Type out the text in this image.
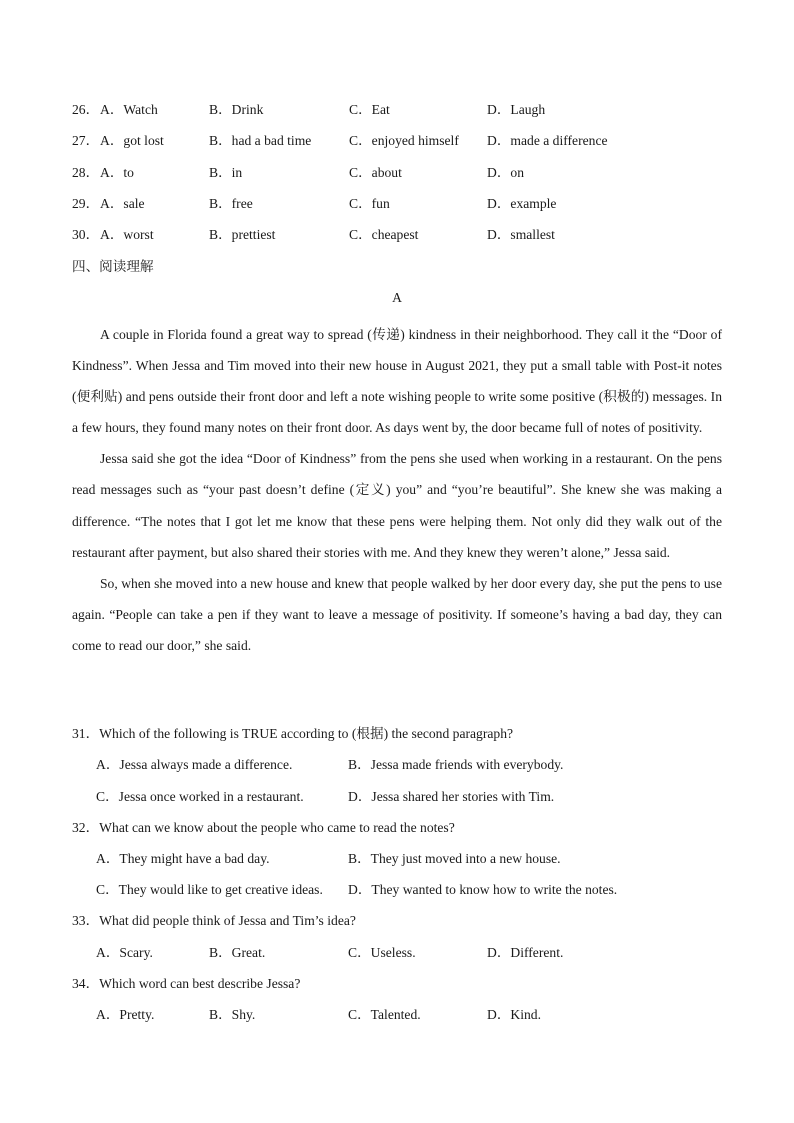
26． A．Watch	B．Drink	C．Eat	D．Laugh
27． A．got lost	B．had a bad time	C．enjoyed himself D．made a difference
28． A．to	B．in	C．about	D．on
29． A．sale	B．free	C．fun	D．example
30． A．worst	B．prettiest	C．cheapest	D．smallest
四、阅读理解
A

A couple in Florida found a great way to spread (传递) kindness in their neighborhood. They call it the “Door of Kindness”. When Jessa and Tim moved into their new house in August 2021, they put a small table with Post-it notes (便利贴) and pens outside their front door and left a note wishing people to write some positive (积极的) messages. In a few hours, they found many notes on their front door. As days went by, the door became full of notes of positivity.

Jessa said she got the idea “Door of Kindness” from the pens she used when working in a restaurant. On the pens read messages such as “your past doesn’t define (定义) you” and “you’re beautiful”. She knew she was making a difference. “The notes that I got let me know that these pens were helping them. Not only did they walk out of the restaurant after payment, but also shared their stories with me. And they knew they weren’t alone,” Jessa said.

So, when she moved into a new house and knew that people walked by her door every day, she put the pens to use again. “People can take a pen if they want to leave a message of positivity. If someone’s having a bad day, they can come to read our door,” she said.

31．Which of the following is TRUE according to (根据) the second paragraph?
A．Jessa always made a difference.	B．Jessa made friends with everybody.
C．Jessa once worked in a restaurant.	D．Jessa shared her stories with Tim.
32．What can we know about the people who came to read the notes?
A．They might have a bad day.	B．They just moved into a new house.
C．They would like to get creative ideas. D．They wanted to know how to write the notes.
33．What did people think of Jessa and Tim’s idea?
A．Scary.	B．Great.	C．Useless.	D．Different.
34．Which word can best describe Jessa?
A．Pretty.	B．Shy.	C．Talented.	D．Kind.
